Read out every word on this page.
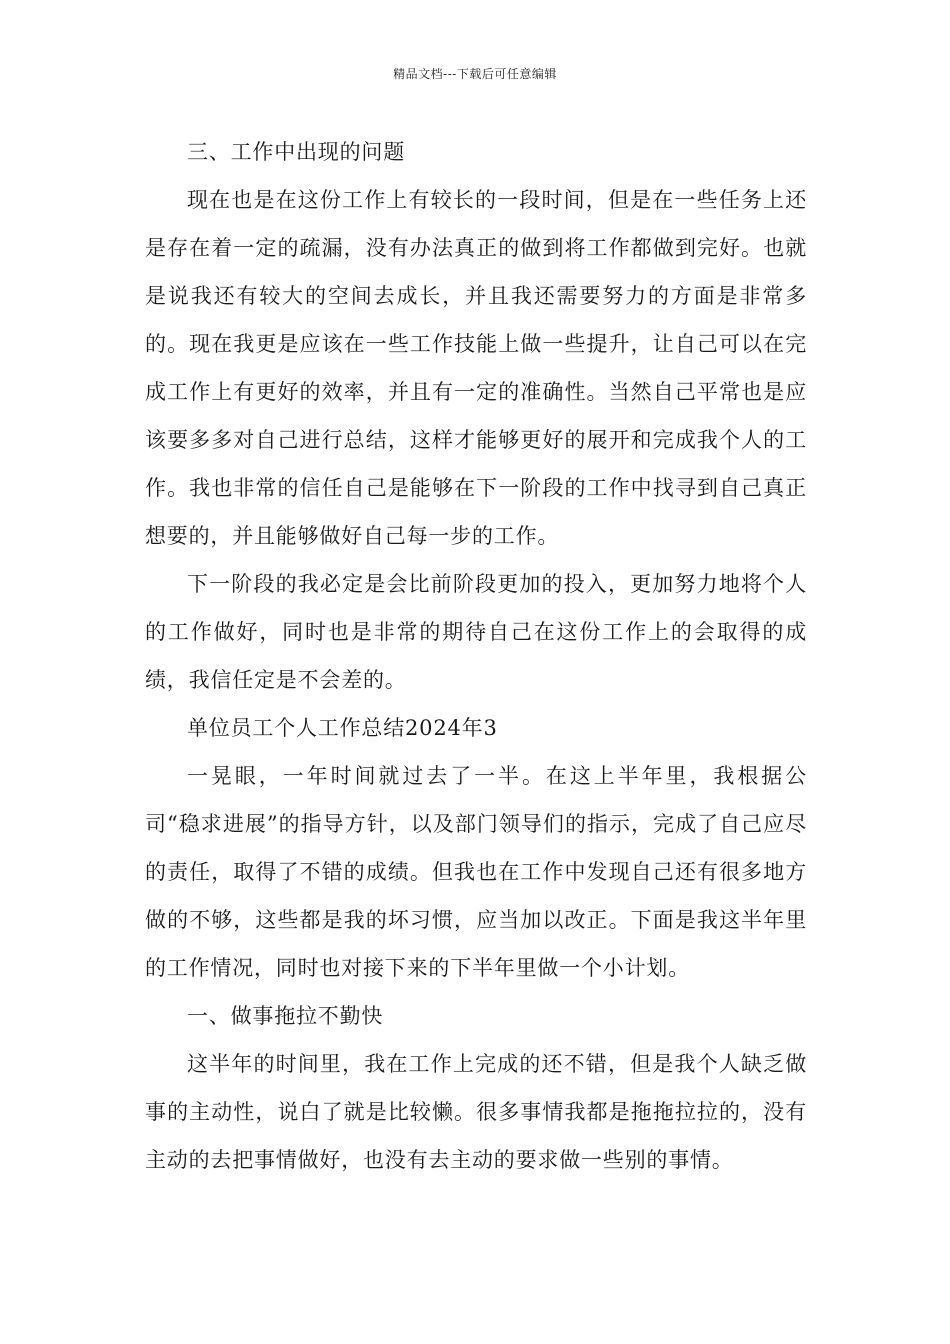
精品文档---下载后可任意编辑

三、工作中出现的问题

现在也是在这份工作上有较长的一段时间，但是在一些任务上还是存在着一定的疏漏，没有办法真正的做到将工作都做到完好。也就是说我还有较大的空间去成长，并且我还需要努力的方面是非常多的。现在我更是应该在一些工作技能上做一些提升，让自己可以在完成工作上有更好的效率，并且有一定的准确性。当然自己平常也是应该要多多对自己进行总结，这样才能够更好的展开和完成我个人的工作。我也非常的信任自己是能够在下一阶段的工作中找寻到自己真正想要的，并且能够做好自己每一步的工作。

下一阶段的我必定是会比前阶段更加的投入，更加努力地将个人的工作做好，同时也是非常的期待自己在这份工作上的会取得的成绩，我信任定是不会差的。

单位员工个人工作总结2024年3

一晃眼，一年时间就过去了一半。在这上半年里，我根据公司“稳求进展”的指导方针，以及部门领导们的指示，完成了自己应尽的责任，取得了不错的成绩。但我也在工作中发现自己还有很多地方做的不够，这些都是我的坏习惯，应当加以改正。下面是我这半年里的工作情况，同时也对接下来的下半年里做一个小计划。

一、做事拖拉不勤快

这半年的时间里，我在工作上完成的还不错，但是我个人缺乏做事的主动性，说白了就是比较懒。很多事情我都是拖拖拉拉的，没有主动的去把事情做好，也没有去主动的要求做一些别的事情。
